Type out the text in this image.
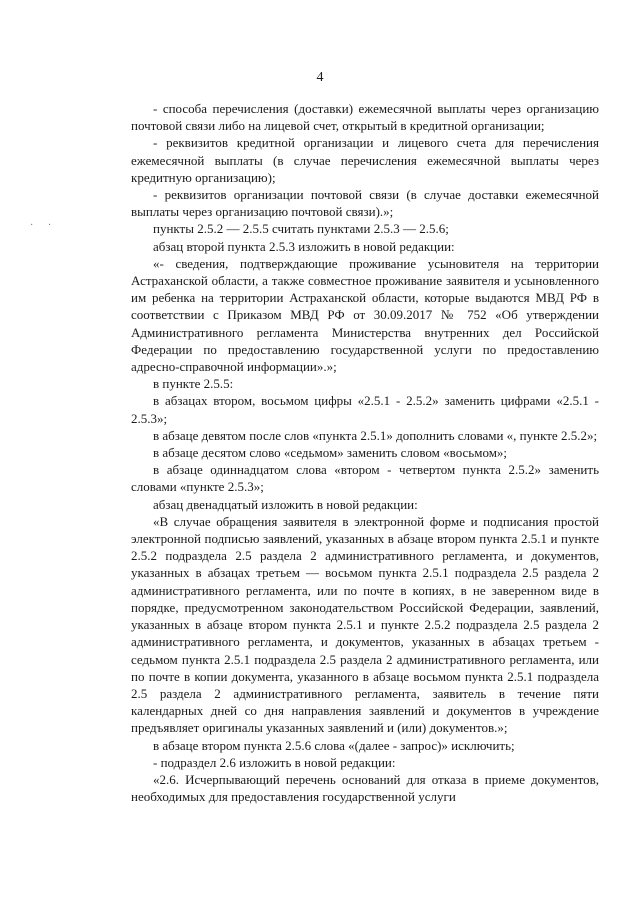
4
· ·

- способа перечисления (доставки) ежемесячной выплаты через организацию почтовой связи либо на лицевой счет, открытый в кредитной организации;

- реквизитов кредитной организации и лицевого счета для перечисления ежемесячной выплаты (в случае перечисления ежемесячной выплаты через кредитную организацию);

- реквизитов организации почтовой связи (в случае доставки ежемесячной выплаты через организацию почтовой связи).»;

пункты 2.5.2 — 2.5.5 считать пунктами 2.5.3 — 2.5.6;

абзац второй пункта 2.5.3 изложить в новой редакции:

«- сведения, подтверждающие проживание усыновителя на территории Астраханской области, а также совместное проживание заявителя и усыновленного им ребенка на территории Астраханской области, которые выдаются МВД РФ в соответствии с Приказом МВД РФ от 30.09.2017 № 752 «Об утверждении Административного регламента Министерства внутренних дел Российской Федерации по предоставлению государственной услуги по предоставлению адресно-справочной информации».»;

в пункте 2.5.5:

в абзацах втором, восьмом цифры «2.5.1 - 2.5.2» заменить цифрами «2.5.1 - 2.5.3»;

в абзаце девятом после слов «пункта 2.5.1» дополнить словами «, пункте 2.5.2»;

в абзаце десятом слово «седьмом» заменить словом «восьмом»;

в абзаце одиннадцатом слова «втором - четвертом пункта 2.5.2» заменить словами «пункте 2.5.3»;

абзац двенадцатый изложить в новой редакции:

«В случае обращения заявителя в электронной форме и подписания простой электронной подписью заявлений, указанных в абзаце втором пункта 2.5.1 и пункте 2.5.2 подраздела 2.5 раздела 2 административного регламента, и документов, указанных в абзацах третьем — восьмом пункта 2.5.1 подраздела 2.5 раздела 2 административного регламента, или по почте в копиях, в не заверенном виде в порядке, предусмотренном законодательством Российской Федерации, заявлений, указанных в абзаце втором пункта 2.5.1 и пункте 2.5.2 подраздела 2.5 раздела 2 административного регламента, и документов, указанных в абзацах третьем - седьмом пункта 2.5.1 подраздела 2.5 раздела 2 административного регламента, или по почте в копии документа, указанного в абзаце восьмом пункта 2.5.1 подраздела 2.5 раздела 2 административного регламента, заявитель в течение пяти календарных дней со дня направления заявлений и документов в учреждение предъявляет оригиналы указанных заявлений и (или) документов.»;

в абзаце втором пункта 2.5.6 слова «(далее - запрос)» исключить;

- подраздел 2.6 изложить в новой редакции:

«2.6. Исчерпывающий перечень оснований для отказа в приеме документов, необходимых для предоставления государственной услуги
